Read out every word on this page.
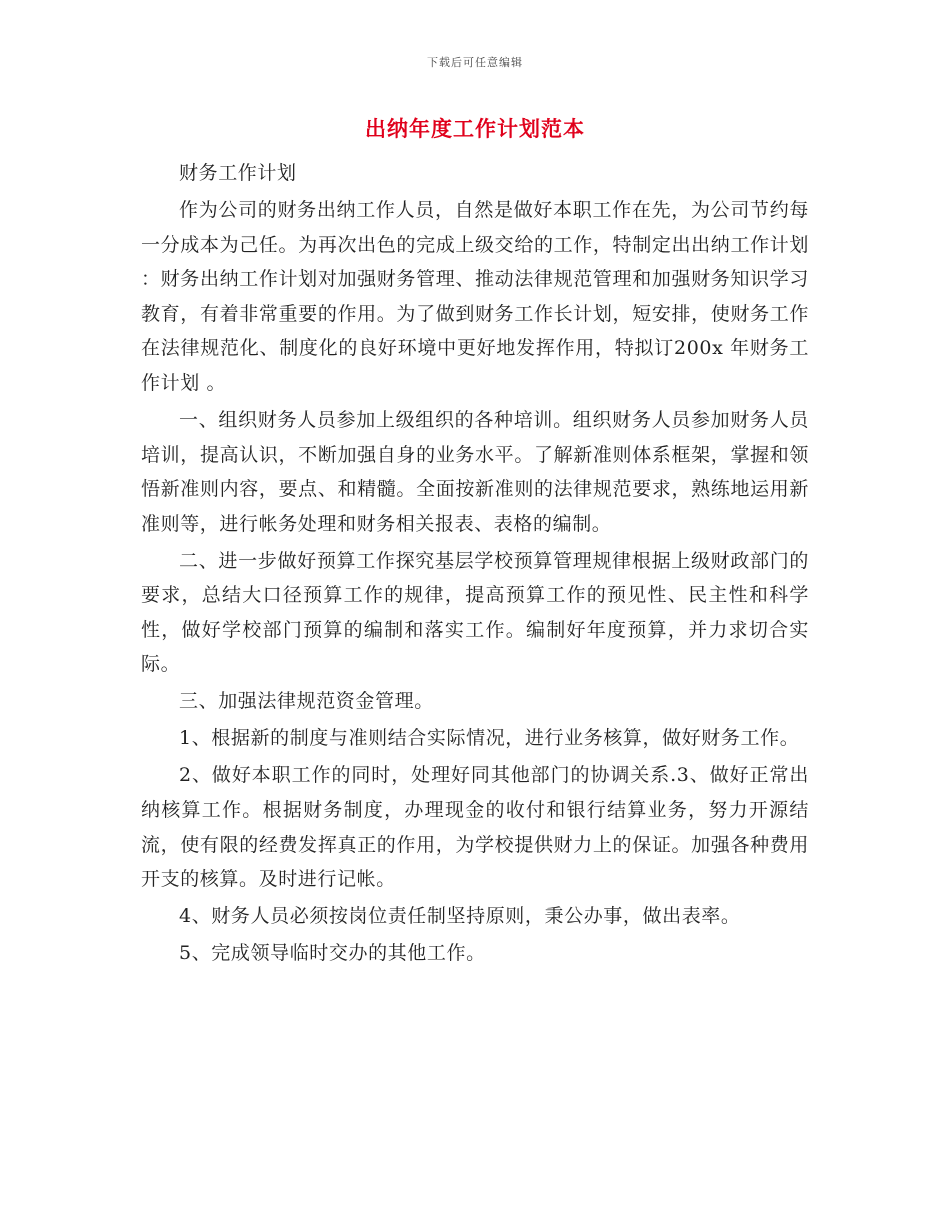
下载后可任意编辑
出纳年度工作计划范本

财务工作计划

作为公司的财务出纳工作人员，自然是做好本职工作在先，为公司节约每一分成本为己任。为再次出色的完成上级交给的工作，特制定出出纳工作计划 ：财务出纳工作计划对加强财务管理、推动法律规范管理和加强财务知识学习教育，有着非常重要的作用。为了做到财务工作长计划，短安排，使财务工作在法律规范化、制度化的良好环境中更好地发挥作用，特拟订200x 年财务工作计划 。

一、组织财务人员参加上级组织的各种培训。组织财务人员参加财务人员培训，提高认识，不断加强自身的业务水平。了解新准则体系框架，掌握和领悟新准则内容，要点、和精髓。全面按新准则的法律规范要求，熟练地运用新准则等，进行帐务处理和财务相关报表、表格的编制。

二、进一步做好预算工作探究基层学校预算管理规律根据上级财政部门的要求，总结大口径预算工作的规律，提高预算工作的预见性、民主性和科学性，做好学校部门预算的编制和落实工作。编制好年度预算，并力求切合实际。

三、加强法律规范资金管理。

1、根据新的制度与准则结合实际情况，进行业务核算，做好财务工作。

2、做好本职工作的同时，处理好同其他部门的协调关系.3、做好正常出纳核算工作。根据财务制度，办理现金的收付和银行结算业务，努力开源结流，使有限的经费发挥真正的作用，为学校提供财力上的保证。加强各种费用开支的核算。及时进行记帐。

4、财务人员必须按岗位责任制坚持原则，秉公办事，做出表率。

5、完成领导临时交办的其他工作。
